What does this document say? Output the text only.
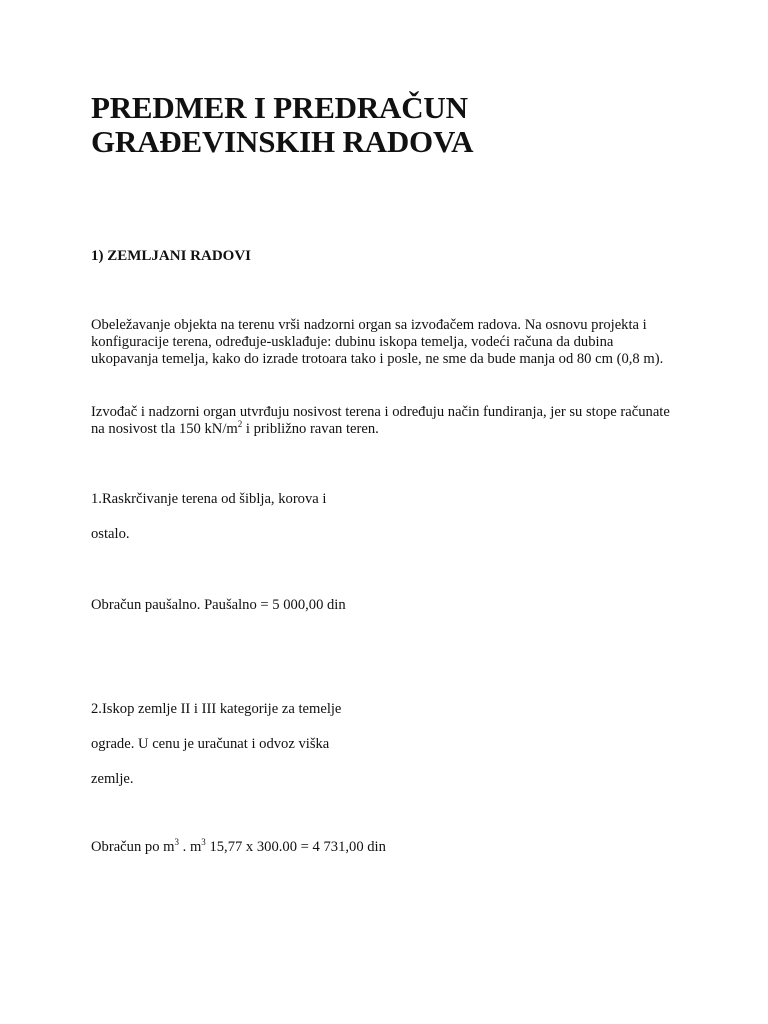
PREDMER I PREDRAČUN
GRAĐEVINSKIH RADOVA
1) ZEMLJANI RADOVI

Obeležavanje objekta na terenu vrši nadzorni organ sa izvođačem radova. Na osnovu projekta i konfiguracije terena, određuje-usklađuje: dubinu iskopa temelja, vodeći računa da dubina ukopavanja temelja, kako do izrade trotoara tako i posle, ne sme da bude manja od 80 cm (0,8 m).

Izvođač i nadzorni organ utvrđuju nosivost terena i određuju način fundiranja, jer su stope računate na nosivost tla 150 $kN/m^2$ i približno ravan teren.

1.Raskrčivanje terena od šiblja, korova i

ostalo.

Obračun paušalno. Paušalno = 5 000,00 din

2.Iskop zemlje II i III kategorije za temelje

ograde. U cenu je uračunat i odvoz viška

zemlje.

Obračun po $m^3$ . $m^3$ 15,77 x 300.00 = 4 731,00 din
